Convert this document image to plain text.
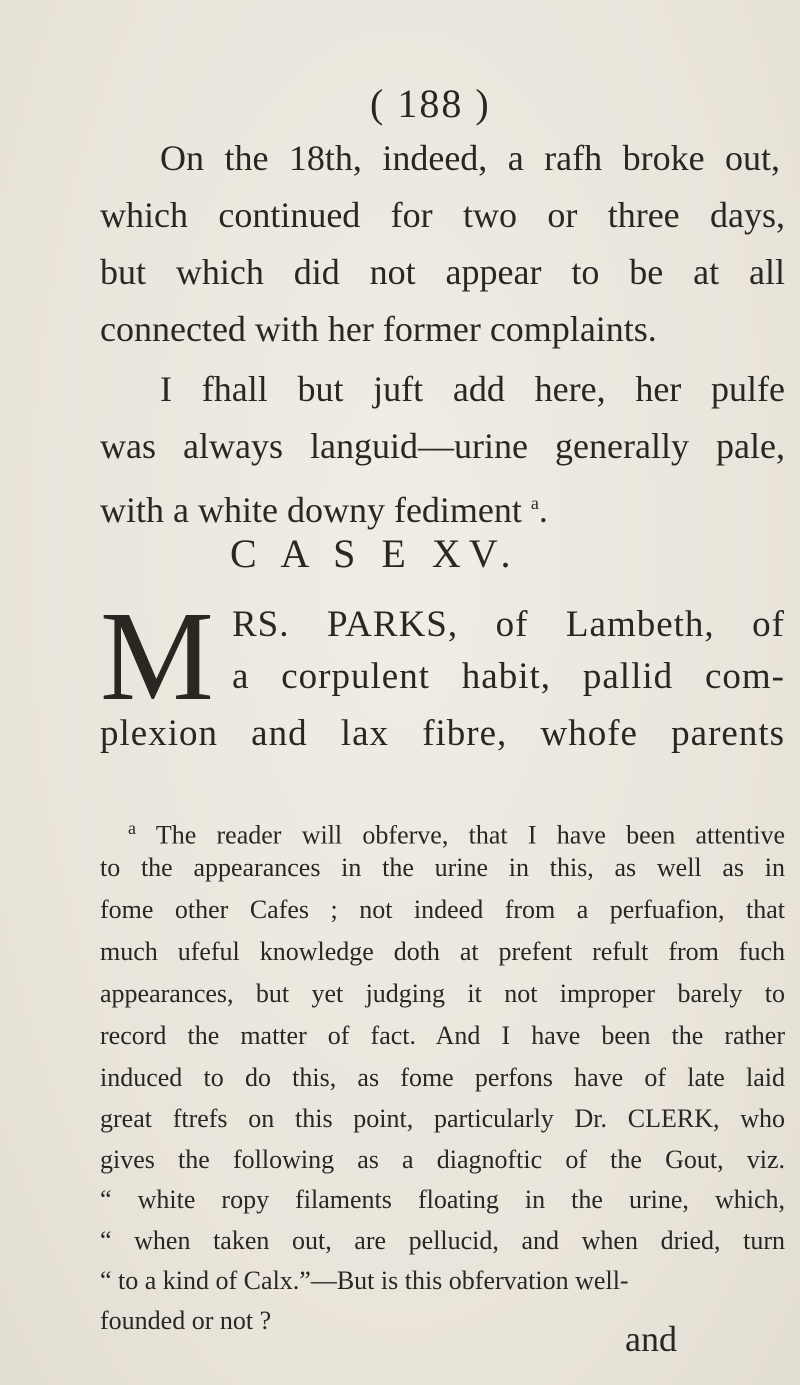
( 188 )
On the 18th, indeed, a rafh broke out,
which continued for two or three days,
but which did not appear to be at all
connected with her former complaints.
I fhall but juft add here, her pulfe
was always languid—urine generally pale,
with a white downy fediment $^a$.
C A S E XV.
M RS. PARKS, of Lambeth, of
a corpulent habit, pallid com-
plexion and lax fibre, whofe parents
$^a$ The reader will obferve, that I have been attentive
to the appearances in the urine in this, as well as in
fome other Cafes ; not indeed from a perfuafion, that
much ufeful knowledge doth at prefent refult from fuch
appearances, but yet judging it not improper barely to
record the matter of fact. And I have been the rather
induced to do this, as fome perfons have of late laid
great ftrefs on this point, particularly Dr. CLERK, who
gives the following as a diagnoftic of the Gout, viz.
“ white ropy filaments floating in the urine, which,
“ when taken out, are pellucid, and when dried, turn
“ to a kind of Calx.”—But is this obfervation well-
founded or not ?	and
